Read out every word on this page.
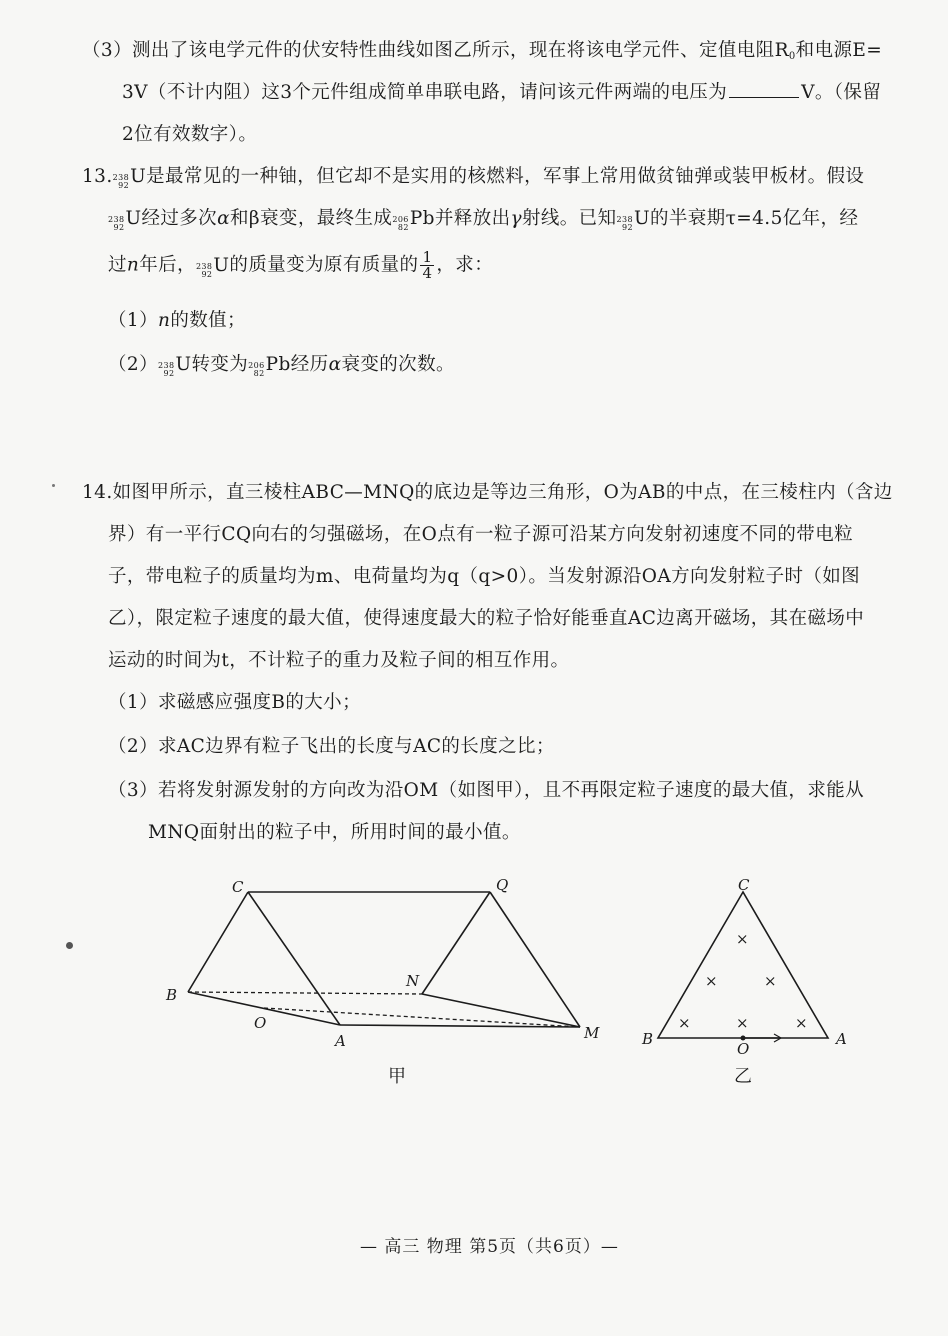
（3）测出了该电学元件的伏安特性曲线如图乙所示，现在将该电学元件、定值电阻$R_0$和电源E=
3V（不计内阻）这3个元件组成简单串联电路，请问该元件两端的电压为	V。（保留
2位有效数字）。
13. 238
92 U是最常见的一种铀，但它却不是实用的核燃料，军事上常用做贫铀弹或装甲板材。假设
238
92 U经过多次α和β衰变，最终生成 206
82 Pb并释放出γ射线。已知 238
92 U的半衰期τ=4.5亿年，经
过n年后， 238
92 U的质量变为原有质量的 $\frac{1}{4}$ ，求：
（1）n的数值；
（2） 238
92 U转变为 206
82 Pb经历α衰变的次数。
14.如图甲所示，直三棱柱ABC—MNQ的底边是等边三角形，O为AB的中点，在三棱柱内（含边
界）有一平行CQ向右的匀强磁场，在O点有一粒子源可沿某方向发射初速度不同的带电粒
子，带电粒子的质量均为m、电荷量均为q（q>0）。当发射源沿OA方向发射粒子时（如图
乙），限定粒子速度的最大值，使得速度最大的粒子恰好能垂直AC边离开磁场，其在磁场中
运动的时间为t，不计粒子的重力及粒子间的相互作用。
（1）求磁感应强度B的大小；
（2）求AC边界有粒子飞出的长度与AC的长度之比；
（3）若将发射源发射的方向改为沿OM（如图甲），且不再限定粒子速度的最大值，求能从
MNQ面射出的粒子中，所用时间的最小值。
C	Q
B
N
O
A	M
甲
×
×	×
×	×	×
C
B	A
O
乙
— 高三 物理 第5页（共6页）—
